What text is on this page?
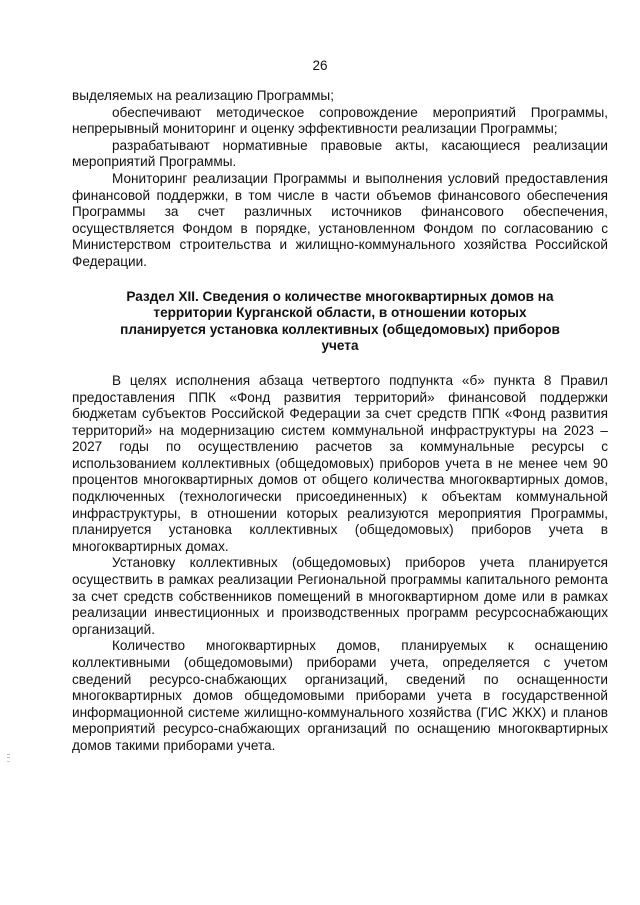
26

выделяемых на реализацию Программы;

обеспечивают методическое сопровождение мероприятий Программы, непрерывный мониторинг и оценку эффективности реализации Программы;

разрабатывают нормативные правовые акты, касающиеся реализации мероприятий Программы.

Мониторинг реализации Программы и выполнения условий предоставления финансовой поддержки, в том числе в части объемов финансового обеспечения Программы за счет различных источников финансового обеспечения, осуществляется Фондом в порядке, установленном Фондом по согласованию с Министерством строительства и жилищно-коммунального хозяйства Российской Федерации.

Раздел XII. Сведения о количестве многоквартирных домов на территории Курганской области, в отношении которых планируется установка коллективных (общедомовых) приборов учета

В целях исполнения абзаца четвертого подпункта «б» пункта 8 Правил предоставления ППК «Фонд развития территорий» финансовой поддержки бюджетам субъектов Российской Федерации за счет средств ППК «Фонд развития территорий» на модернизацию систем коммунальной инфраструктуры на 2023 – 2027 годы по осуществлению расчетов за коммунальные ресурсы с использованием коллективных (общедомовых) приборов учета в не менее чем 90 процентов многоквартирных домов от общего количества многоквартирных домов, подключенных (технологически присоединенных) к объектам коммунальной инфраструктуры, в отношении которых реализуются мероприятия Программы, планируется установка коллективных (общедомовых) приборов учета в многоквартирных домах.

Установку коллективных (общедомовых) приборов учета планируется осуществить в рамках реализации Региональной программы капитального ремонта за счет средств собственников помещений в многоквартирном доме или в рамках реализации инвестиционных и производственных программ ресурсоснабжающих организаций.

Количество многоквартирных домов, планируемых к оснащению коллективными (общедомовыми) приборами учета, определяется с учетом сведений ресурсо-снабжающих организаций, сведений по оснащенности многоквартирных домов общедомовыми приборами учета в государственной информационной системе жилищно-коммунального хозяйства (ГИС ЖКХ) и планов мероприятий ресурсо-снабжающих организаций по оснащению многоквартирных домов такими приборами учета.
